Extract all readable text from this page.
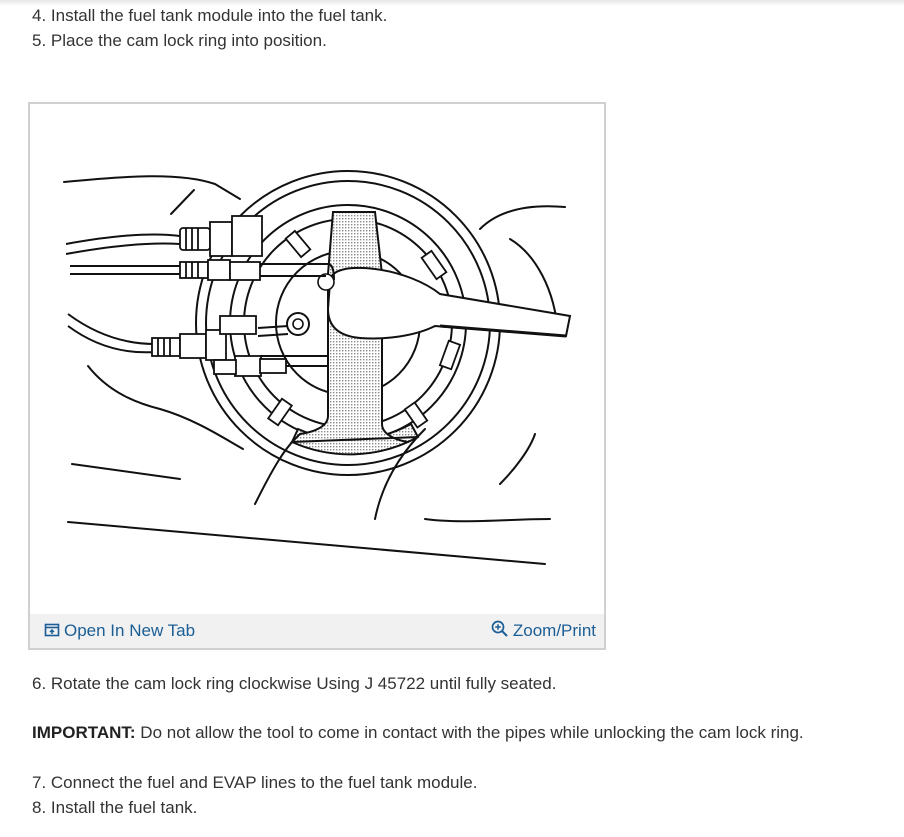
4. Install the fuel tank module into the fuel tank.
5. Place the cam lock ring into position.
Open In New Tab	Zoom/Print
6. Rotate the cam lock ring clockwise Using J 45722 until fully seated.
IMPORTANT: Do not allow the tool to come in contact with the pipes while unlocking the cam lock ring.
7. Connect the fuel and EVAP lines to the fuel tank module.
8. Install the fuel tank.
